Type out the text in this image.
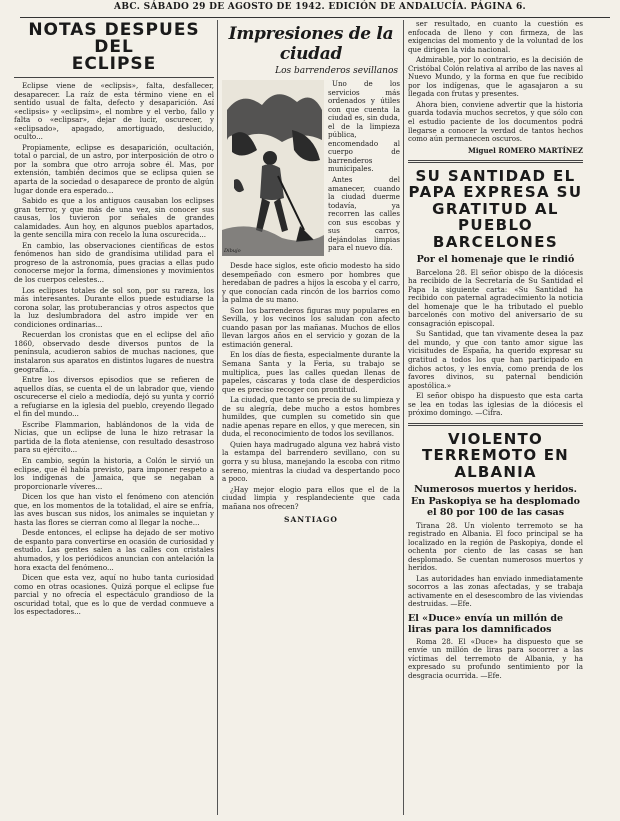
ABC. SÁBADO 29 DE AGOSTO DE 1942. EDICIÓN DE ANDALUCÍA. PÁGINA 6.
NOTAS DESPUES DEL
ECLIPSE

Eclipse viene de «eclipsis», falta, desfallecer, desaparecer. La raíz de esta término viene en el sentido usual de falta, defecto y desaparición. Así «eclipsis» y «eclipsim», el nombre y el verbo, fallo y falta o «eclipsar», dejar de lucir, oscurecer, y «eclipsado», apagado, amortiguado, deslucido, oculto...

Propiamente, eclipse es desaparición, ocultación, total o parcial, de un astro, por interposición de otro o por la sombra que otro arroja sobre él. Mas, por extensión, también decimos que se eclipsa quien se aparta de la sociedad o desaparece de pronto de algún lugar donde era esperado...

Sabido es que a los antiguos causaban los eclipses gran terror, y que más de una vez, sin conocer sus causas, los tuvieron por señales de grandes calamidades. Aun hoy, en algunos pueblos apartados, la gente sencilla mira con recelo la luna oscurecida...

En cambio, las observaciones científicas de estos fenómenos han sido de grandísima utilidad para el progreso de la astronomía, pues gracias a ellas pudo conocerse mejor la forma, dimensiones y movimientos de los cuerpos celestes...

Los eclipses totales de sol son, por su rareza, los más interesantes. Durante ellos puede estudiarse la corona solar, las protuberancias y otros aspectos que la luz deslumbradora del astro impide ver en condiciones ordinarias...

Recuerdan los cronistas que en el eclipse del año 1860, observado desde diversos puntos de la península, acudieron sabios de muchas naciones, que instalaron sus aparatos en distintos lugares de nuestra geografía...

Entre los diversos episodios que se refieren de aquellos días, se cuenta el de un labrador que, viendo oscurecerse el cielo a mediodía, dejó su yunta y corrió a refugiarse en la iglesia del pueblo, creyendo llegado el fin del mundo...

Escribe Flammarion, hablándonos de la vida de Nicias, que un eclipse de luna le hizo retrasar la partida de la flota ateniense, con resultado desastroso para su ejército...

En cambio, según la historia, a Colón le sirvió un eclipse, que él había previsto, para imponer respeto a los indígenas de Jamaica, que se negaban a proporcionarle víveres...

Dicen los que han visto el fenómeno con atención que, en los momentos de la totalidad, el aire se enfría, las aves buscan sus nidos, los animales se inquietan y hasta las flores se cierran como al llegar la noche...

Desde entonces, el eclipse ha dejado de ser motivo de espanto para convertirse en ocasión de curiosidad y estudio. Las gentes salen a las calles con cristales ahumados, y los periódicos anuncian con antelación la hora exacta del fenómeno...

Dicen que esta vez, aquí no hubo tanta curiosidad como en otras ocasiones. Quizá porque el eclipse fue parcial y no ofrecía el espectáculo grandioso de la oscuridad total, que es lo que de verdad conmueve a los espectadores...

Impresiones de la ciudad
Los barrenderos sevillanos
Dibujo

Uno de los servicios más ordenados y útiles con que cuenta la ciudad es, sin duda, el de la limpieza pública, encomendado al cuerpo de barrenderos municipales.

Antes del amanecer, cuando la ciudad duerme todavía, ya recorren las calles con sus escobas y sus carros, dejándolas limpias para el nuevo día.

Desde hace siglos, este oficio modesto ha sido desempeñado con esmero por hombres que heredaban de padres a hijos la escoba y el carro, y que conocían cada rincón de los barrios como la palma de su mano.

Son los barrenderos figuras muy populares en Sevilla, y los vecinos los saludan con afecto cuando pasan por las mañanas. Muchos de ellos llevan largos años en el servicio y gozan de la estimación general.

En los días de fiesta, especialmente durante la Semana Santa y la Feria, su trabajo se multiplica, pues las calles quedan llenas de papeles, cáscaras y toda clase de desperdicios que es preciso recoger con prontitud.

La ciudad, que tanto se precia de su limpieza y de su alegría, debe mucho a estos hombres humildes, que cumplen su cometido sin que nadie apenas repare en ellos, y que merecen, sin duda, el reconocimiento de todos los sevillanos.

Quien haya madrugado alguna vez habrá visto la estampa del barrendero sevillano, con su gorra y su blusa, manejando la escoba con ritmo sereno, mientras la ciudad va despertando poco a poco.

¿Hay mejor elogio para ellos que el de la ciudad limpia y resplandeciente que cada mañana nos ofrecen?

SANTIAGO

ser resultado, en cuanto la cuestión es enfocada de lleno y con firmeza, de las exigencias del momento y de la voluntad de los que dirigen la vida nacional.

Admirable, por lo contrario, es la decisión de Cristóbal Colón relativa al arribo de las naves al Nuevo Mundo, y la forma en que fue recibido por los indígenas, que le agasajaron a su llegada con frutas y presentes.

Ahora bien, conviene advertir que la historia guarda todavía muchos secretos, y que sólo con el estudio paciente de los documentos podrá llegarse a conocer la verdad de tantos hechos como aún permanecen oscuros.

Miguel ROMERO MARTÍNEZ
SU SANTIDAD EL PAPA EXPRESA SU GRATITUD AL PUEBLO BARCELONES
Por el homenaje que le rindió

Barcelona 28. El señor obispo de la diócesis ha recibido de la Secretaría de Su Santidad el Papa la siguiente carta: «Su Santidad ha recibido con paternal agradecimiento la noticia del homenaje que le ha tributado el pueblo barcelonés con motivo del aniversario de su consagración episcopal.

Su Santidad, que tan vivamente desea la paz del mundo, y que con tanto amor sigue las vicisitudes de España, ha querido expresar su gratitud a todos los que han participado en dichos actos, y les envía, como prenda de los favores divinos, su paternal bendición apostólica.»

El señor obispo ha dispuesto que esta carta se lea en todas las iglesias de la diócesis el próximo domingo. —Cifra.

VIOLENTO TERREMOTO EN ALBANIA
Numerosos muertos y heridos. En Paskopiya se ha desplomado el 80 por 100 de las casas

Tirana 28. Un violento terremoto se ha registrado en Albania. El foco principal se ha localizado en la región de Paskopiya, donde el ochenta por ciento de las casas se han desplomado. Se cuentan numerosos muertos y heridos.

Las autoridades han enviado inmediatamente socorros a las zonas afectadas, y se trabaja activamente en el desescombro de las viviendas destruidas. —Efe.

El «Duce» envía un millón de liras para los damnificados

Roma 28. El «Duce» ha dispuesto que se envíe un millón de liras para socorrer a las víctimas del terremoto de Albania, y ha expresado su profundo sentimiento por la desgracia ocurrida. —Efe.
